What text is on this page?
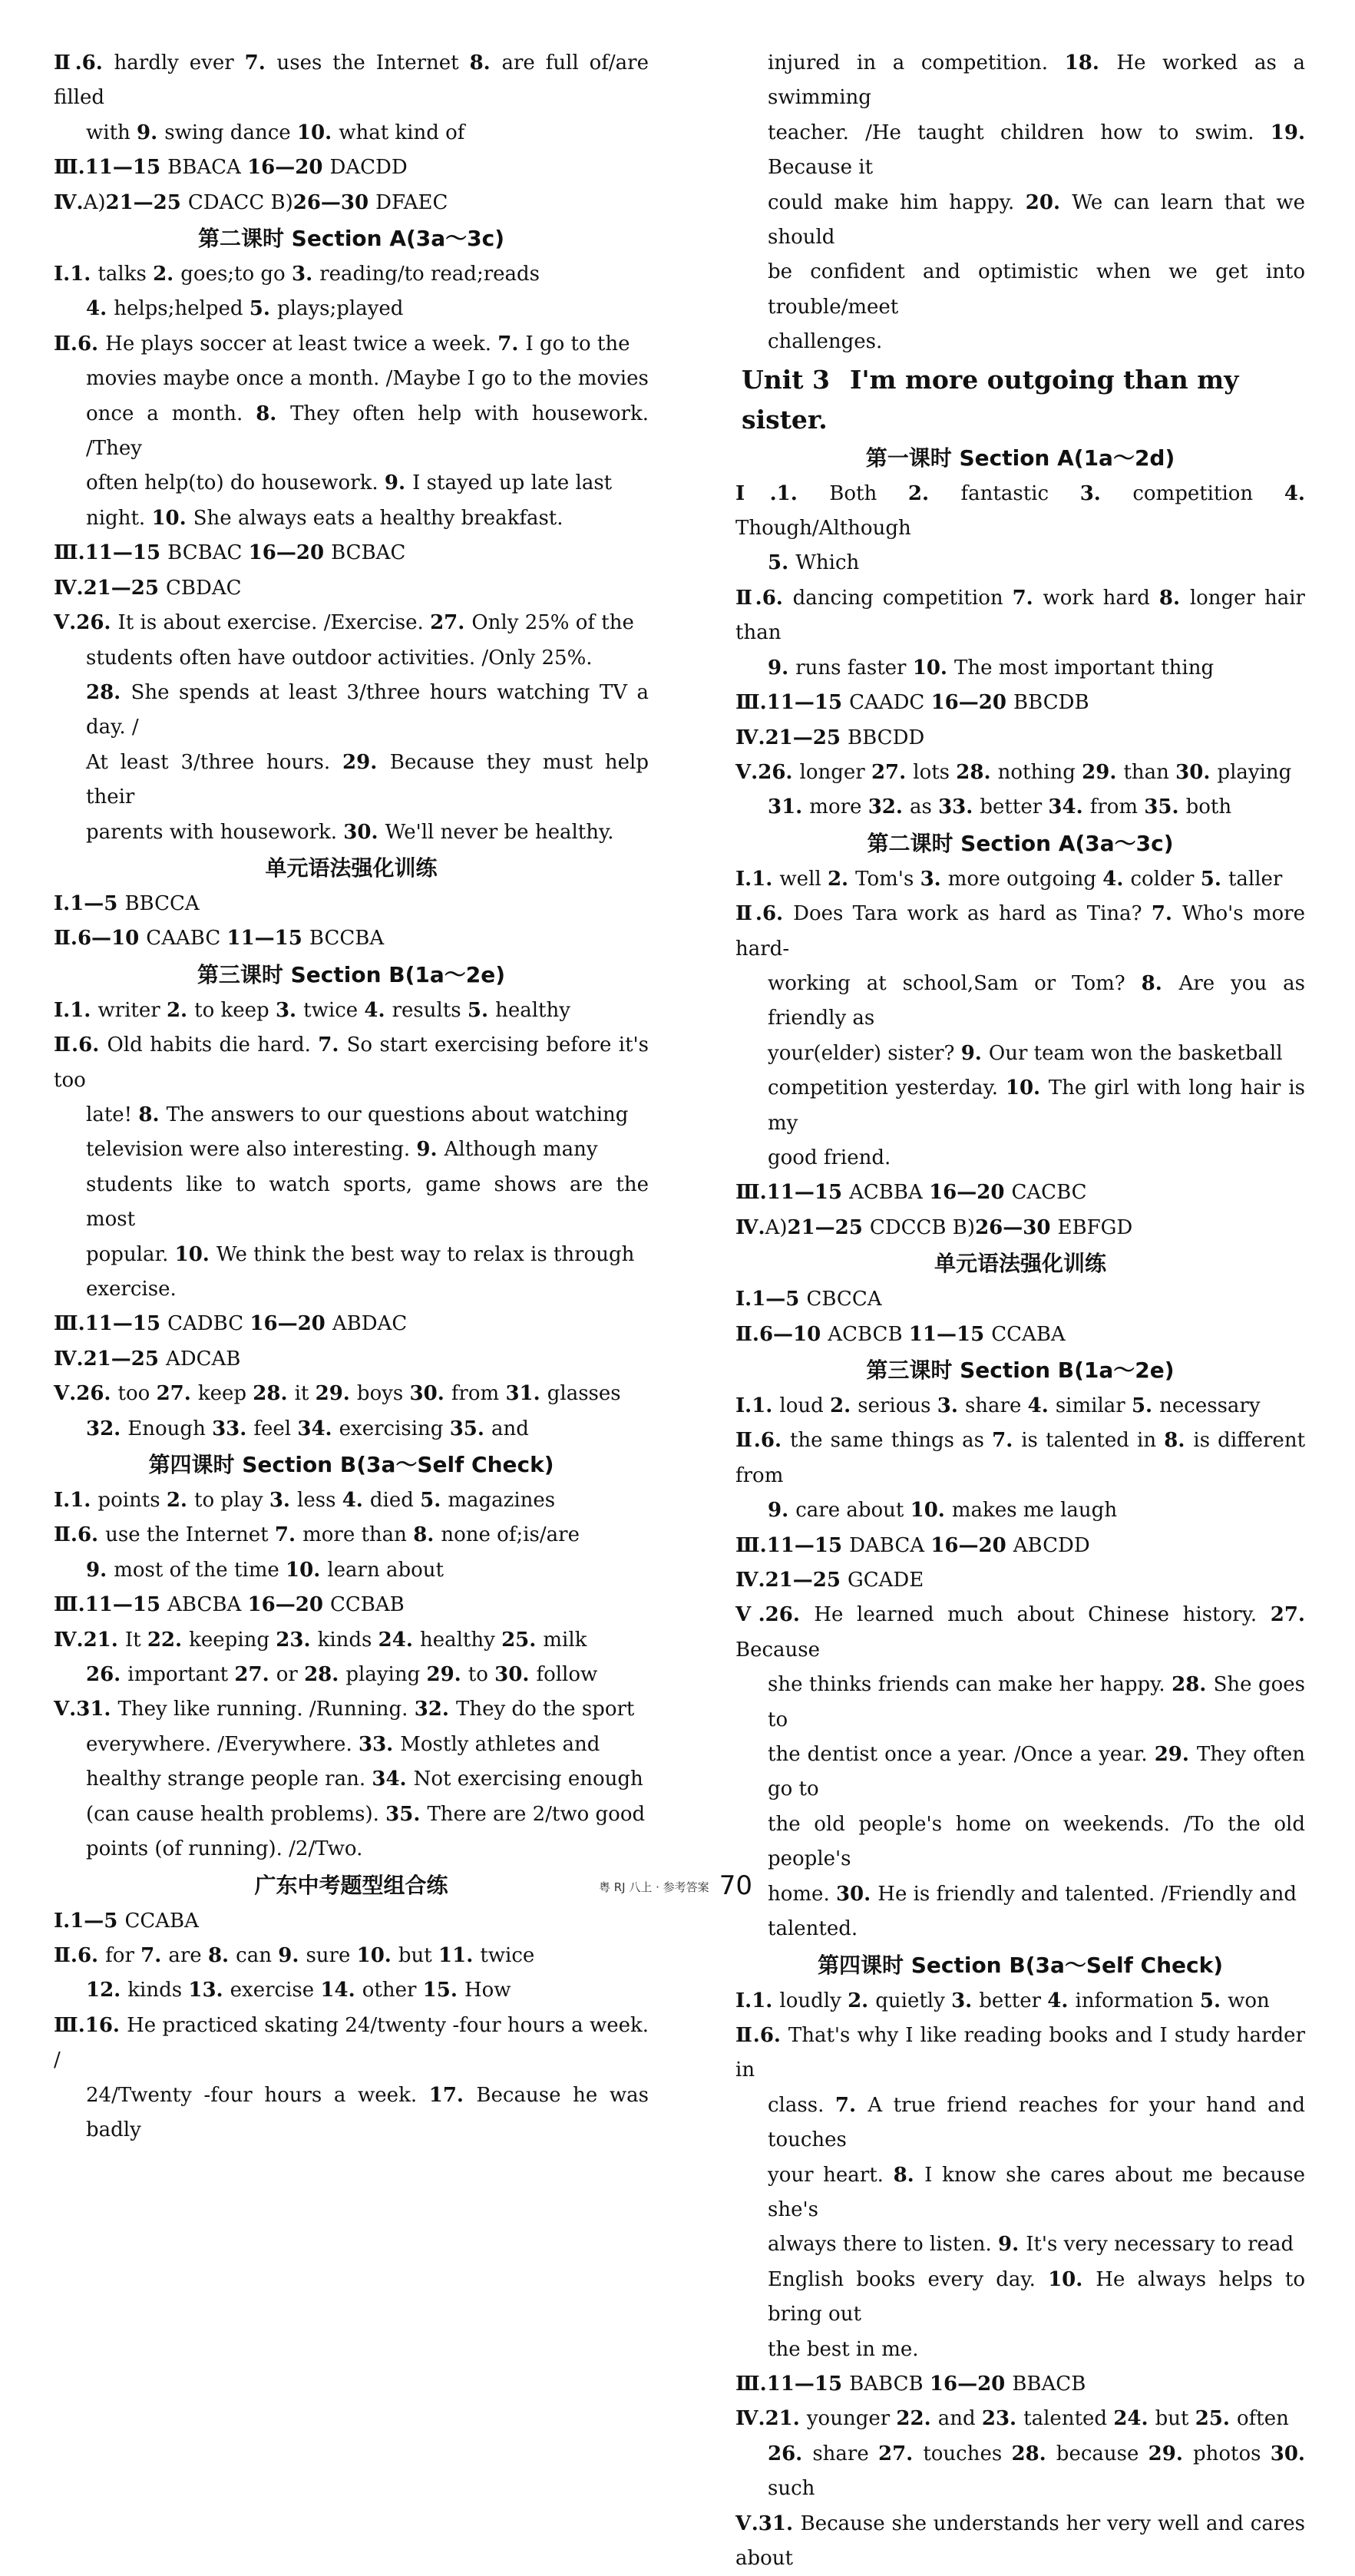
Ⅱ.6. hardly ever 7. uses the Internet 8. are full of/are filled

with 9. swing dance 10. what kind of

Ⅲ.11—15 BBACA 16—20 DACDD

Ⅳ.A)21—25 CDACC B)26—30 DFAEC

第二课时 Section A(3a～3c)

Ⅰ.1. talks 2. goes;to go 3. reading/to read;reads

4. helps;helped 5. plays;played

Ⅱ.6. He plays soccer at least twice a week. 7. I go to the

movies maybe once a month. /Maybe I go to the movies

once a month. 8. They often help with housework. /They

often help(to) do housework. 9. I stayed up late last

night. 10. She always eats a healthy breakfast.

Ⅲ.11—15 BCBAC 16—20 BCBAC

Ⅳ.21—25 CBDAC

Ⅴ.26. It is about exercise. /Exercise. 27. Only 25% of the

students often have outdoor activities. /Only 25%.

28. She spends at least 3/three hours watching TV a day. /

At least 3/three hours. 29. Because they must help their

parents with housework. 30. We'll never be healthy.

单元语法强化训练

Ⅰ.1—5 BBCCA

Ⅱ.6—10 CAABC 11—15 BCCBA

第三课时 Section B(1a～2e)

Ⅰ.1. writer 2. to keep 3. twice 4. results 5. healthy

Ⅱ.6. Old habits die hard. 7. So start exercising before it's too

late! 8. The answers to our questions about watching

television were also interesting. 9. Although many

students like to watch sports, game shows are the most

popular. 10. We think the best way to relax is through

exercise.

Ⅲ.11—15 CADBC 16—20 ABDAC

Ⅳ.21—25 ADCAB

Ⅴ.26. too 27. keep 28. it 29. boys 30. from 31. glasses

32. Enough 33. feel 34. exercising 35. and

第四课时 Section B(3a～Self Check)

Ⅰ.1. points 2. to play 3. less 4. died 5. magazines

Ⅱ.6. use the Internet 7. more than 8. none of;is/are

9. most of the time 10. learn about

Ⅲ.11—15 ABCBA 16—20 CCBAB

Ⅳ.21. It 22. keeping 23. kinds 24. healthy 25. milk

26. important 27. or 28. playing 29. to 30. follow

Ⅴ.31. They like running. /Running. 32. They do the sport

everywhere. /Everywhere. 33. Mostly athletes and

healthy strange people ran. 34. Not exercising enough

(can cause health problems). 35. There are 2/two good

points (of running). /2/Two.

广东中考题型组合练

Ⅰ.1—5 CCABA

Ⅱ.6. for 7. are 8. can 9. sure 10. but 11. twice

12. kinds 13. exercise 14. other 15. How

Ⅲ.16. He practiced skating 24/twenty -four hours a week. /

24/Twenty -four hours a week. 17. Because he was badly

injured in a competition. 18. He worked as a swimming

teacher. /He taught children how to swim. 19. Because it

could make him happy. 20. We can learn that we should

be confident and optimistic when we get into trouble/meet

challenges.

Unit 3 I'm more outgoing than my sister.

第一课时 Section A(1a～2d)

Ⅰ.1. Both 2. fantastic 3. competition 4. Though/Although

5. Which

Ⅱ.6. dancing competition 7. work hard 8. longer hair than

9. runs faster 10. The most important thing

Ⅲ.11—15 CAADC 16—20 BBCDB

Ⅳ.21—25 BBCDD

Ⅴ.26. longer 27. lots 28. nothing 29. than 30. playing

31. more 32. as 33. better 34. from 35. both

第二课时 Section A(3a～3c)

Ⅰ.1. well 2. Tom's 3. more outgoing 4. colder 5. taller

Ⅱ.6. Does Tara work as hard as Tina? 7. Who's more hard-

working at school,Sam or Tom? 8. Are you as friendly as

your(elder) sister? 9. Our team won the basketball

competition yesterday. 10. The girl with long hair is my

good friend.

Ⅲ.11—15 ACBBA 16—20 CACBC

Ⅳ.A)21—25 CDCCB B)26—30 EBFGD

单元语法强化训练

Ⅰ.1—5 CBCCA

Ⅱ.6—10 ACBCB 11—15 CCABA

第三课时 Section B(1a～2e)

Ⅰ.1. loud 2. serious 3. share 4. similar 5. necessary

Ⅱ.6. the same things as 7. is talented in 8. is different from

9. care about 10. makes me laugh

Ⅲ.11—15 DABCA 16—20 ABCDD

Ⅳ.21—25 GCADE

Ⅴ.26. He learned much about Chinese history. 27. Because

she thinks friends can make her happy. 28. She goes to

the dentist once a year. /Once a year. 29. They often go to

the old people's home on weekends. /To the old people's

home. 30. He is friendly and talented. /Friendly and

talented.

第四课时 Section B(3a～Self Check)

Ⅰ.1. loudly 2. quietly 3. better 4. information 5. won

Ⅱ.6. That's why I like reading books and I study harder in

class. 7. A true friend reaches for your hand and touches

your heart. 8. I know she cares about me because she's

always there to listen. 9. It's very necessary to read

English books every day. 10. He always helps to bring out

the best in me.

Ⅲ.11—15 BABCB 16—20 BBACB

Ⅳ.21. younger 22. and 23. talented 24. but 25. often

26. share 27. touches 28. because 29. photos 30. such

Ⅴ.31. Because she understands her very well and cares about

粤 RJ 八上 · 参考答案 70
